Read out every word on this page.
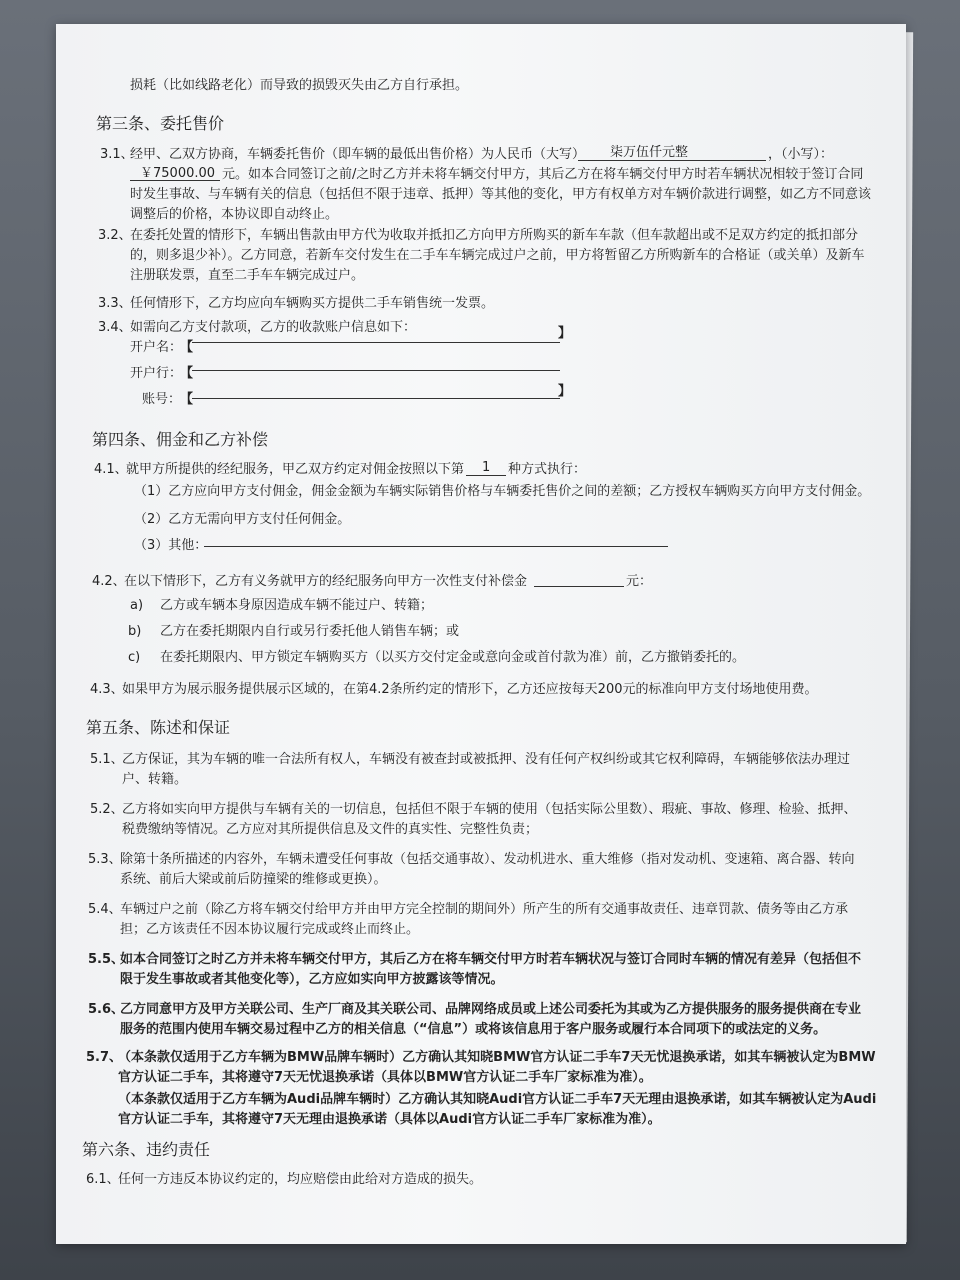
损耗（比如线路老化）而导致的损毁灭失由乙方自行承担。
第三条、委托售价
3.1、
经甲、乙双方协商，车辆委托售价（即车辆的最低出售价格）为人民币（大写） 柒万伍仟元整	，（小写）：
￥75000.00 元。如本合同签订之前/之时乙方并未将车辆交付甲方，其后乙方在将车辆交付甲方时若车辆状况相较于签订合同
时发生事故、与车辆有关的信息（包括但不限于违章、抵押）等其他的变化，甲方有权单方对车辆价款进行调整，如乙方不同意该
调整后的价格，本协议即自动终止。
3.2、
在委托处置的情形下，车辆出售款由甲方代为收取并抵扣乙方向甲方所购买的新车车款（但车款超出或不足双方约定的抵扣部分
的，则多退少补）。乙方同意，若新车交付发生在二手车车辆完成过户之前，甲方将暂留乙方所购新车的合格证（或关单）及新车
注册联发票，直至二手车车辆完成过户。
3.3、
任何情形下，乙方均应向车辆购买方提供二手车销售统一发票。
3.4、
如需向乙方支付款项，乙方的收款账户信息如下：
开户名：
【
】
开户行：
【
账号：
【
】
第四条、佣金和乙方补偿
4.1、
就甲方所提供的经纪服务，甲乙双方约定对佣金按照以下第 1 种方式执行：
（1）乙方应向甲方支付佣金，佣金金额为车辆实际销售价格与车辆委托售价之间的差额；乙方授权车辆购买方向甲方支付佣金。
（2）乙方无需向甲方支付任何佣金。
（3）其他：
4.2、
在以下情形下，乙方有义务就甲方的经纪服务向甲方一次性支付补偿金	元：
a) 乙方或车辆本身原因造成车辆不能过户、转籍；
b) 乙方在委托期限内自行或另行委托他人销售车辆；或
c) 在委托期限内、甲方锁定车辆购买方（以买方交付定金或意向金或首付款为准）前，乙方撤销委托的。
4.3、
如果甲方为展示服务提供展示区域的，在第4.2条所约定的情形下，乙方还应按每天200元的标准向甲方支付场地使用费。
第五条、陈述和保证
5.1、
乙方保证，其为车辆的唯一合法所有权人，车辆没有被查封或被抵押、没有任何产权纠纷或其它权利障碍，车辆能够依法办理过
户、转籍。
5.2、
乙方将如实向甲方提供与车辆有关的一切信息，包括但不限于车辆的使用（包括实际公里数）、瑕疵、事故、修理、检验、抵押、
税费缴纳等情况。乙方应对其所提供信息及文件的真实性、完整性负责；
5.3、
除第十条所描述的内容外，车辆未遭受任何事故（包括交通事故）、发动机进水、重大维修（指对发动机、变速箱、离合器、转向
系统、前后大梁或前后防撞梁的维修或更换）。
5.4、
车辆过户之前（除乙方将车辆交付给甲方并由甲方完全控制的期间外）所产生的所有交通事故责任、违章罚款、债务等由乙方承
担；乙方该责任不因本协议履行完成或终止而终止。
5.5、
如本合同签订之时乙方并未将车辆交付甲方，其后乙方在将车辆交付甲方时若车辆状况与签订合同时车辆的情况有差异（包括但不
限于发生事故或者其他变化等），乙方应如实向甲方披露该等情况。
5.6、
乙方同意甲方及甲方关联公司、生产厂商及其关联公司、品牌网络成员或上述公司委托为其或为乙方提供服务的服务提供商在专业
服务的范围内使用车辆交易过程中乙方的相关信息（“信息”）或将该信息用于客户服务或履行本合同项下的或法定的义务。
5.7、
（本条款仅适用于乙方车辆为BMW品牌车辆时）乙方确认其知晓BMW官方认证二手车7天无忧退换承诺，如其车辆被认定为BMW
官方认证二手车，其将遵守7天无忧退换承诺（具体以BMW官方认证二手车厂家标准为准）。
（本条款仅适用于乙方车辆为Audi品牌车辆时）乙方确认其知晓Audi官方认证二手车7天无理由退换承诺，如其车辆被认定为Audi
官方认证二手车，其将遵守7天无理由退换承诺（具体以Audi官方认证二手车厂家标准为准）。
第六条、违约责任
6.1、
任何一方违反本协议约定的，均应赔偿由此给对方造成的损失。
